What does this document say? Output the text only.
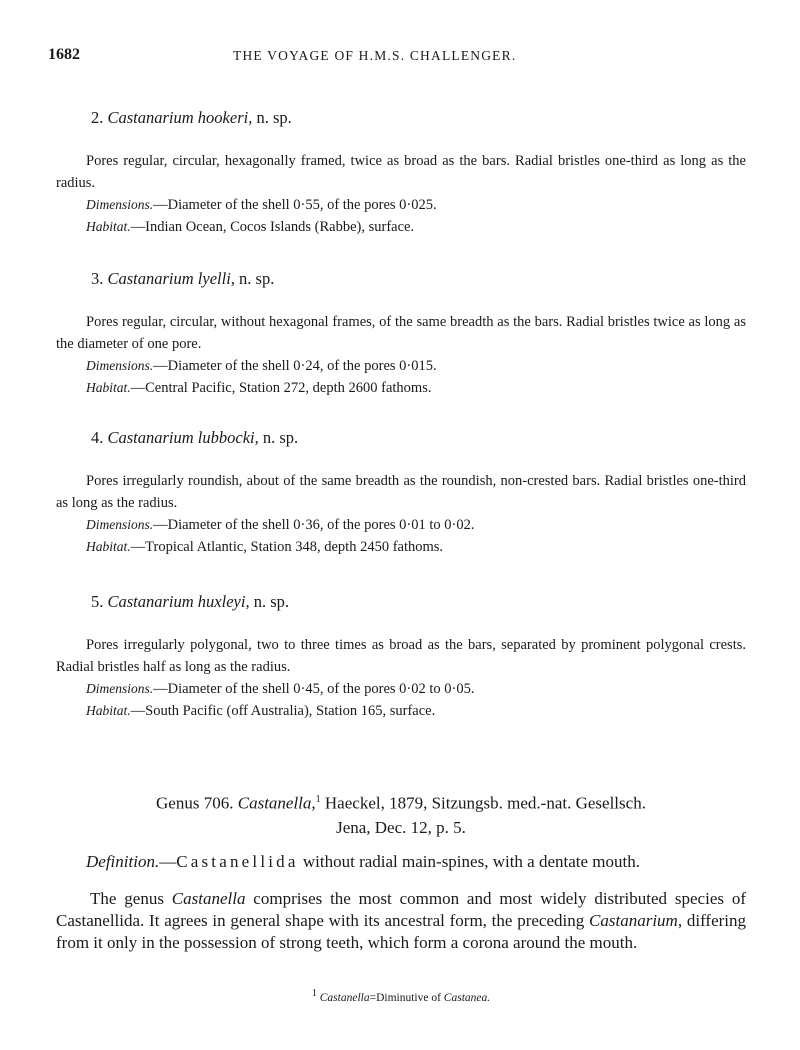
1682	THE VOYAGE OF H.M.S. CHALLENGER.
2. Castanarium hookeri, n. sp.

Pores regular, circular, hexagonally framed, twice as broad as the bars. Radial bristles one-third as long as the radius.

Dimensions.—Diameter of the shell 0·55, of the pores 0·025.

Habitat.—Indian Ocean, Cocos Islands (Rabbe), surface.

3. Castanarium lyelli, n. sp.

Pores regular, circular, without hexagonal frames, of the same breadth as the bars. Radial bristles twice as long as the diameter of one pore.

Dimensions.—Diameter of the shell 0·24, of the pores 0·015.

Habitat.—Central Pacific, Station 272, depth 2600 fathoms.

4. Castanarium lubbocki, n. sp.

Pores irregularly roundish, about of the same breadth as the roundish, non-crested bars. Radial bristles one-third as long as the radius.

Dimensions.—Diameter of the shell 0·36, of the pores 0·01 to 0·02.

Habitat.—Tropical Atlantic, Station 348, depth 2450 fathoms.

5. Castanarium huxleyi, n. sp.

Pores irregularly polygonal, two to three times as broad as the bars, separated by prominent polygonal crests. Radial bristles half as long as the radius.

Dimensions.—Diameter of the shell 0·45, of the pores 0·02 to 0·05.

Habitat.—South Pacific (off Australia), Station 165, surface.

Genus 706. Castanella,$^1$ Haeckel, 1879, Sitzungsb. med.-nat. Gesellsch.
Jena, Dec. 12, p. 5.
Definition.—Castanellida without radial main-spines, with a dentate mouth.

The genus Castanella comprises the most common and most widely distributed species of Castanellida. It agrees in general shape with its ancestral form, the preceding Castanarium, differing from it only in the possession of strong teeth, which form a corona around the mouth.

$^1$ Castanella=Diminutive of Castanea.
